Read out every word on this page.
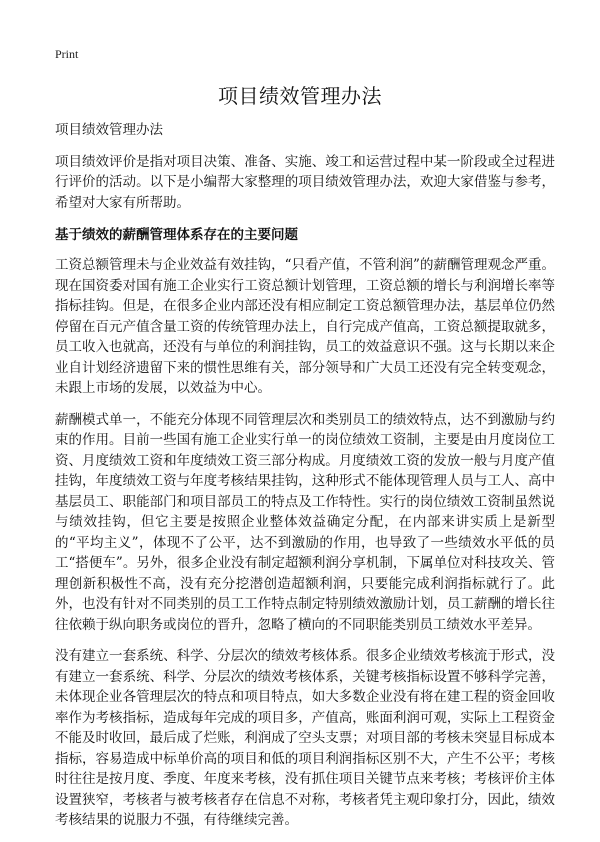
Print
项目绩效管理办法

项目绩效管理办法

项目绩效评价是指对项目决策、准备、实施、竣工和运营过程中某一阶段或全过程进行评价的活动。以下是小编帮大家整理的项目绩效管理办法，欢迎大家借鉴与参考，希望对大家有所帮助。

基于绩效的薪酬管理体系存在的主要问题

工资总额管理未与企业效益有效挂钩，“只看产值，不管利润”的薪酬管理观念严重。现在国资委对国有施工企业实行工资总额计划管理，工资总额的增长与利润增长率等指标挂钩。但是，在很多企业内部还没有相应制定工资总额管理办法，基层单位仍然停留在百元产值含量工资的传统管理办法上，自行完成产值高，工资总额提取就多，员工收入也就高，还没有与单位的利润挂钩，员工的效益意识不强。这与长期以来企业自计划经济遗留下来的惯性思维有关，部分领导和广大员工还没有完全转变观念，未跟上市场的发展，以效益为中心。

薪酬模式单一，不能充分体现不同管理层次和类别员工的绩效特点，达不到激励与约束的作用。目前一些国有施工企业实行单一的岗位绩效工资制，主要是由月度岗位工资、月度绩效工资和年度绩效工资三部分构成。月度绩效工资的发放一般与月度产值挂钩，年度绩效工资与年度考核结果挂钩，这种形式不能体现管理人员与工人、高中基层员工、职能部门和项目部员工的特点及工作特性。实行的岗位绩效工资制虽然说与绩效挂钩，但它主要是按照企业整体效益确定分配，在内部来讲实质上是新型的“平均主义”，体现不了公平，达不到激励的作用，也导致了一些绩效水平低的员工“搭便车”。另外，很多企业没有制定超额利润分享机制，下属单位对科技攻关、管理创新积极性不高，没有充分挖潜创造超额利润，只要能完成利润指标就行了。此外，也没有针对不同类别的员工工作特点制定特别绩效激励计划，员工薪酬的增长往往依赖于纵向职务或岗位的晋升，忽略了横向的不同职能类别员工绩效水平差异。

没有建立一套系统、科学、分层次的绩效考核体系。很多企业绩效考核流于形式，没有建立一套系统、科学、分层次的绩效考核体系，关键考核指标设置不够科学完善，未体现企业各管理层次的特点和项目特点，如大多数企业没有将在建工程的资金回收率作为考核指标，造成每年完成的项目多，产值高，账面利润可观，实际上工程资金不能及时收回，最后成了烂账，利润成了空头支票；对项目部的考核未突显目标成本指标，容易造成中标单价高的项目和低的项目利润指标区别不大，产生不公平；考核时往往是按月度、季度、年度来考核，没有抓住项目关键节点来考核；考核评价主体设置狭窄，考核者与被考核者存在信息不对称，考核者凭主观印象打分，因此，绩效考核结果的说服力不强，有待继续完善。
